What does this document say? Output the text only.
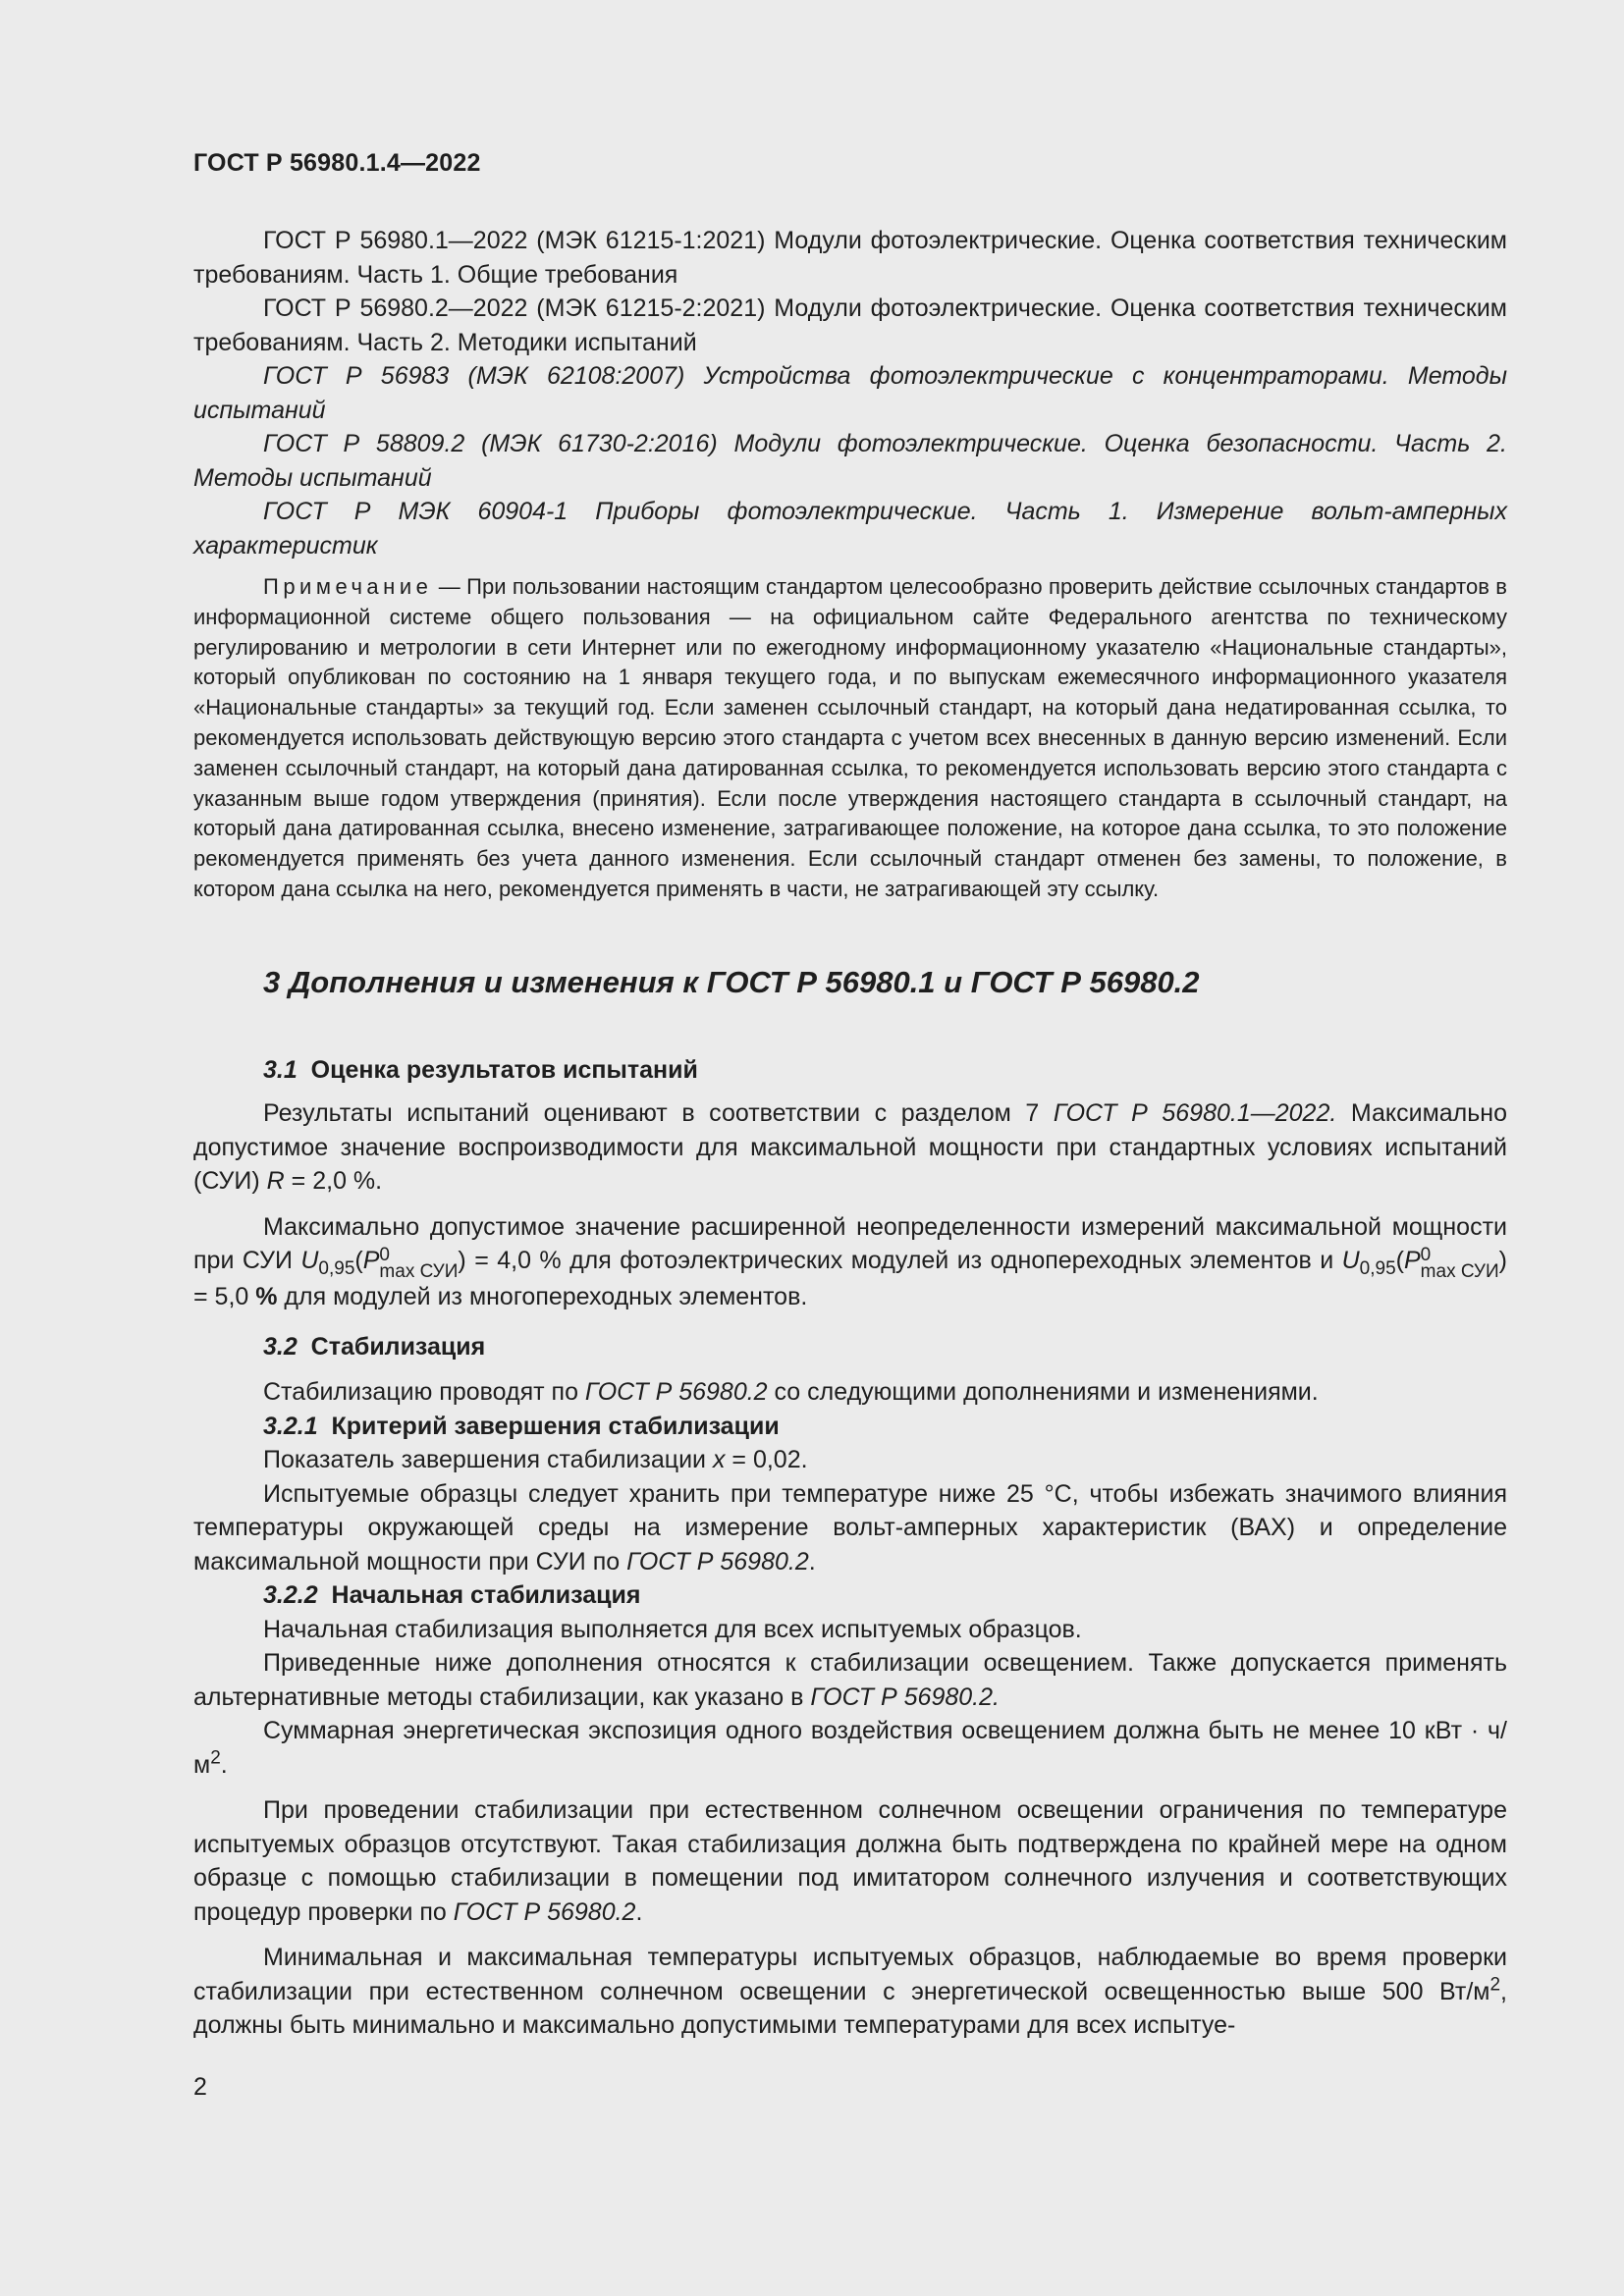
ГОСТ Р 56980.1.4—2022

ГОСТ Р 56980.1—2022 (МЭК 61215-1:2021) Модули фотоэлектрические. Оценка соответствия техническим требованиям. Часть 1. Общие требования

ГОСТ Р 56980.2—2022 (МЭК 61215-2:2021) Модули фотоэлектрические. Оценка соответствия техническим требованиям. Часть 2. Методики испытаний

ГОСТ Р 56983 (МЭК 62108:2007) Устройства фотоэлектрические с концентраторами. Методы испытаний

ГОСТ Р 58809.2 (МЭК 61730-2:2016) Модули фотоэлектрические. Оценка безопасности. Часть 2. Методы испытаний

ГОСТ Р МЭК 60904-1 Приборы фотоэлектрические. Часть 1. Измерение вольт-амперных характеристик

Примечание — При пользовании настоящим стандартом целесообразно проверить действие ссылочных стандартов в информационной системе общего пользования — на официальном сайте Федерального агентства по техническому регулированию и метрологии в сети Интернет или по ежегодному информационному указателю «Национальные стандарты», который опубликован по состоянию на 1 января текущего года, и по выпускам ежемесячного информационного указателя «Национальные стандарты» за текущий год. Если заменен ссылочный стандарт, на который дана недатированная ссылка, то рекомендуется использовать действующую версию этого стандарта с учетом всех внесенных в данную версию изменений. Если заменен ссылочный стандарт, на который дана датированная ссылка, то рекомендуется использовать версию этого стандарта с указанным выше годом утверждения (принятия). Если после утверждения настоящего стандарта в ссылочный стандарт, на который дана датированная ссылка, внесено изменение, затрагивающее положение, на которое дана ссылка, то это положение рекомендуется применять без учета данного изменения. Если ссылочный стандарт отменен без замены, то положение, в котором дана ссылка на него, рекомендуется применять в части, не затрагивающей эту ссылку.

3 Дополнения и изменения к ГОСТ Р 56980.1 и ГОСТ Р 56980.2
3.1 Оценка результатов испытаний

Результаты испытаний оценивают в соответствии с разделом 7 ГОСТ Р 56980.1—2022. Максимально допустимое значение воспроизводимости для максимальной мощности при стандартных условиях испытаний (СУИ) R = 2,0 %.

Максимально допустимое значение расширенной неопределенности измерений максимальной мощности при СУИ $U_{0,95}(P$ 0
max СУИ ) = 4,0 % для фотоэлектрических модулей из однопереходных элементов и $U_{0,95}(P$ 0
max СУИ ) = 5,0 % для модулей из многопереходных элементов.

3.2 Стабилизация

Стабилизацию проводят по ГОСТ Р 56980.2 со следующими дополнениями и изменениями.

3.2.1 Критерий завершения стабилизации

Показатель завершения стабилизации x = 0,02.

Испытуемые образцы следует хранить при температуре ниже 25 °С, чтобы избежать значимого влияния температуры окружающей среды на измерение вольт-амперных характеристик (ВАХ) и определение максимальной мощности при СУИ по ГОСТ Р 56980.2.

3.2.2 Начальная стабилизация

Начальная стабилизация выполняется для всех испытуемых образцов.

Приведенные ниже дополнения относятся к стабилизации освещением. Также допускается применять альтернативные методы стабилизации, как указано в ГОСТ Р 56980.2.

Суммарная энергетическая экспозиция одного воздействия освещением должна быть не менее 10 кВт · $ч/м^2$.

При проведении стабилизации при естественном солнечном освещении ограничения по температуре испытуемых образцов отсутствуют. Такая стабилизация должна быть подтверждена по крайней мере на одном образце с помощью стабилизации в помещении под имитатором солнечного излучения и соответствующих процедур проверки по ГОСТ Р 56980.2.

Минимальная и максимальная температуры испытуемых образцов, наблюдаемые во время проверки стабилизации при естественном солнечном освещении с энергетической освещенностью выше 500 $Вт/м^2$, должны быть минимально и максимально допустимыми температурами для всех испытуе-

2
